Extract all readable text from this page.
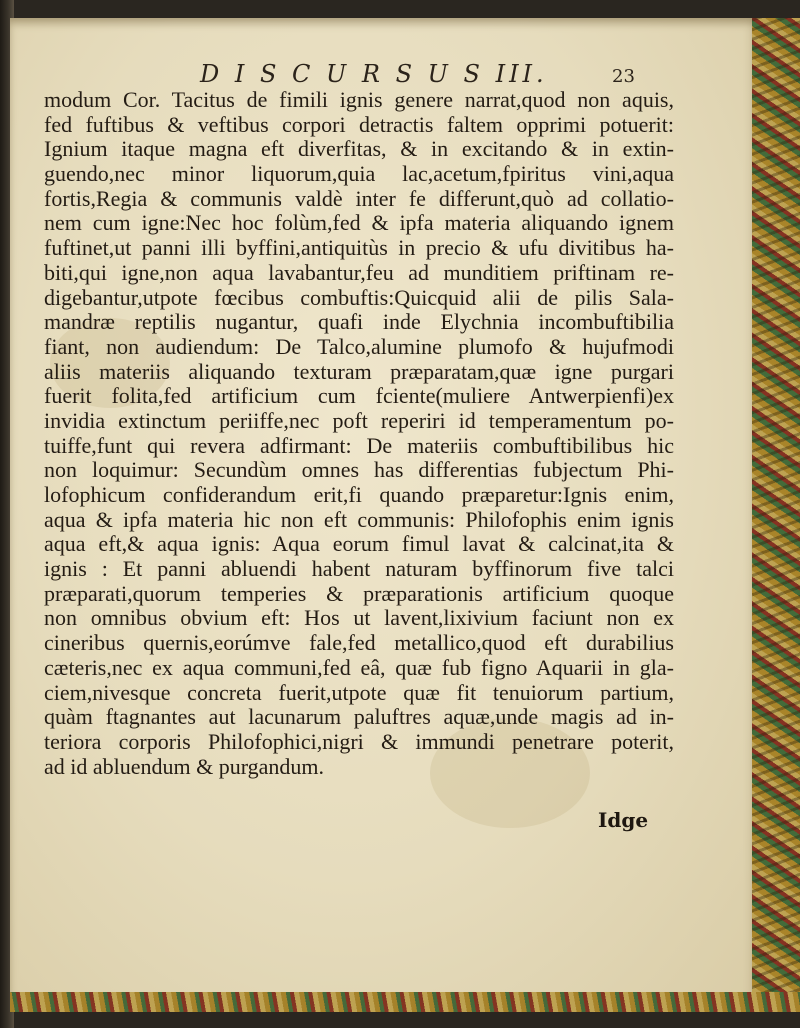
D I S C U R S U S III.	23
modum Cor. Tacitus de fimili ignis genere narrat,quod non aquis,
fed fuftibus & veftibus corpori detractis faltem opprimi potuerit:
Ignium itaque magna eft diverfitas, & in excitando & in extin-
guendo,nec minor liquorum,quia lac,acetum,fpiritus vini,aqua
fortis,Regia & communis valdè inter fe differunt,quò ad collatio-
nem cum igne:Nec hoc folùm,fed & ipfa materia aliquando ignem
fuftinet,ut panni illi byffini,antiquitùs in precio & ufu divitibus ha-
biti,qui igne,non aqua lavabantur,feu ad munditiem priftinam re-
digebantur,utpote fœcibus combuftis:Quicquid alii de pilis Sala-
mandræ reptilis nugantur, quafi inde Elychnia incombuftibilia
fiant, non audiendum: De Talco,alumine plumofo & hujufmodi
aliis materiis aliquando texturam præparatam,quæ igne purgari
fuerit folita,fed artificium cum fciente(muliere Antwerpienfi)ex
invidia extinctum periiffe,nec poft reperiri id temperamentum po-
tuiffe,funt qui revera adfirmant: De materiis combuftibilibus hic
non loquimur: Secundùm omnes has differentias fubjectum Phi-
lofophicum confiderandum erit,fi quando præparetur:Ignis enim,
aqua & ipfa materia hic non eft communis: Philofophis enim ignis
aqua eft,& aqua ignis: Aqua eorum fimul lavat & calcinat,ita &
ignis : Et panni abluendi habent naturam byffinorum five talci
præparati,quorum temperies & præparationis artificium quoque
non omnibus obvium eft: Hos ut lavent,lixivium faciunt non ex
cineribus quernis,eorúmve fale,fed metallico,quod eft durabilius
cæteris,nec ex aqua communi,fed eâ, quæ fub figno Aquarii in gla-
ciem,nivesque concreta fuerit,utpote quæ fit tenuiorum partium,
quàm ftagnantes aut lacunarum paluftres aquæ,unde magis ad in-
teriora corporis Philofophici,nigri & immundi penetrare poterit,
ad id abluendum & purgandum.
Idge
